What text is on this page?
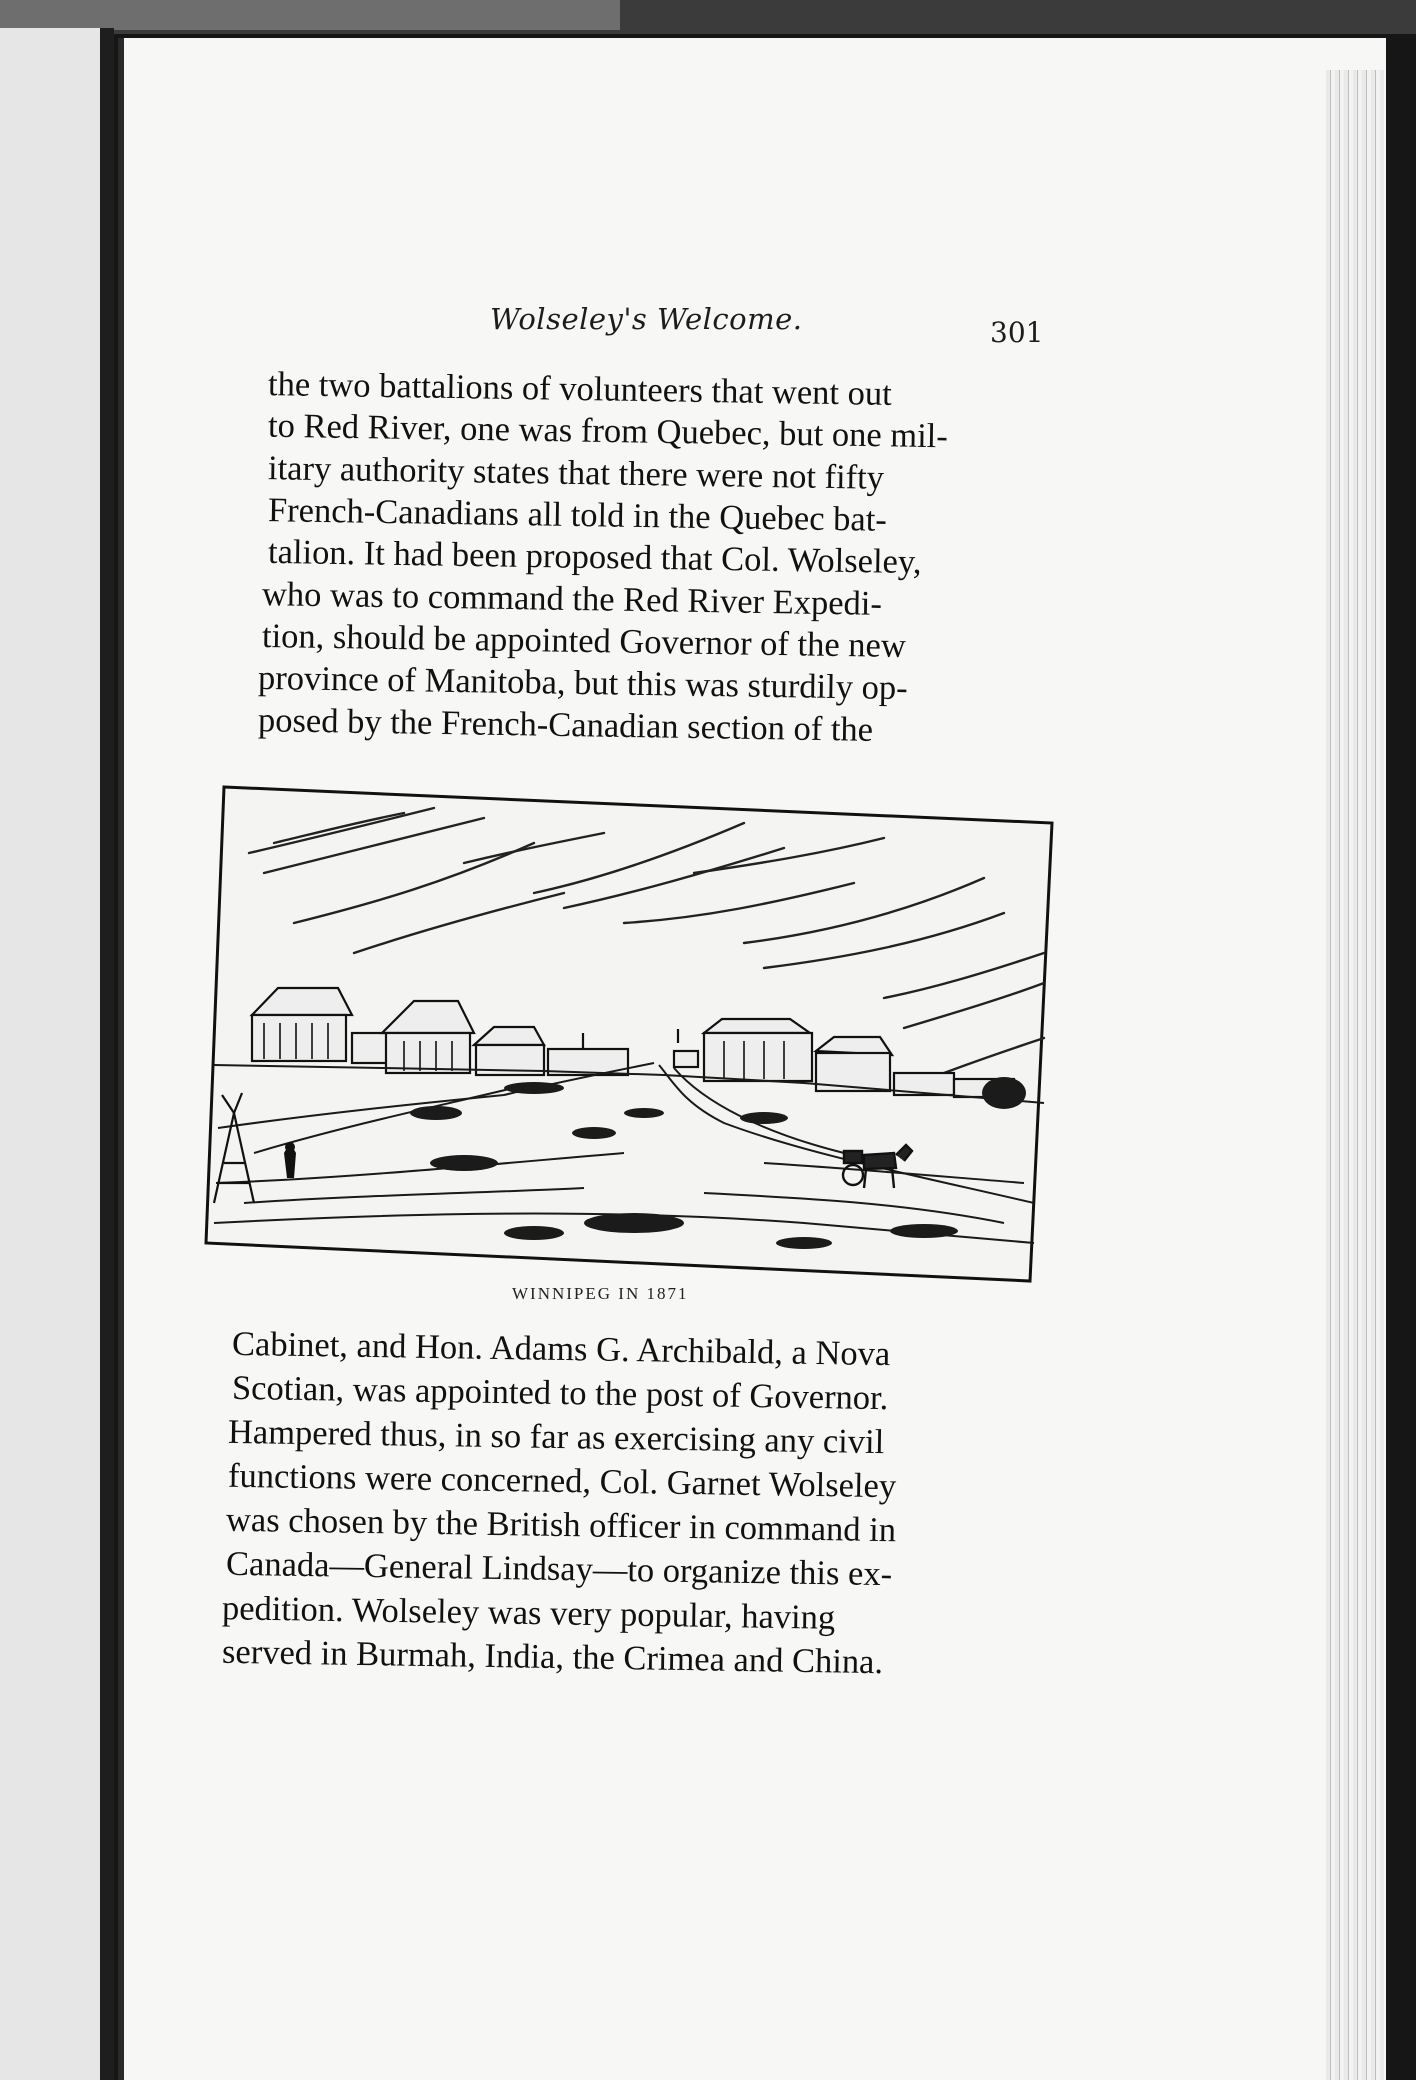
Wolseley's Welcome.	301
the two battalions of volunteers that went out
to Red River, one was from Quebec, but one mil-
itary authority states that there were not fifty
French-Canadians all told in the Quebec bat-
talion. It had been proposed that Col. Wolseley,
who was to command the Red River Expedi-
tion, should be appointed Governor of the new
province of Manitoba, but this was sturdily op-
posed by the French-Canadian section of the
WINNIPEG IN 1871
Cabinet, and Hon. Adams G. Archibald, a Nova
Scotian, was appointed to the post of Governor.
Hampered thus, in so far as exercising any civil
functions were concerned, Col. Garnet Wolseley
was chosen by the British officer in command in
Canada—General Lindsay—to organize this ex-
pedition. Wolseley was very popular, having
served in Burmah, India, the Crimea and China.
